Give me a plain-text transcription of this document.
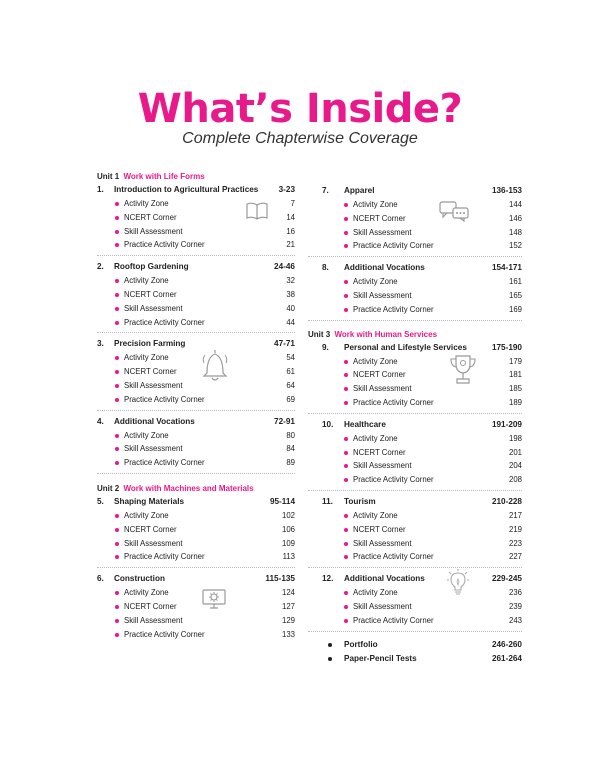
What’s Inside?
Complete Chapterwise Coverage
Unit 1 Work with Life Forms
1. Introduction to Agricultural Practices 3-23
Activity Zone	7
NCERT Corner	14
Skill Assessment	16
Practice Activity Corner	21
2. Rooftop Gardening	24-46
Activity Zone	32
NCERT Corner	38
Skill Assessment	40
Practice Activity Corner	44
3. Precision Farming	47-71
Activity Zone	54
NCERT Corner	61
Skill Assessment	64
Practice Activity Corner	69
4. Additional Vocations	72-91
Activity Zone	80
Skill Assessment	84
Practice Activity Corner	89
Unit 2 Work with Machines and Materials
5. Shaping Materials	95-114
Activity Zone	102
NCERT Corner	106
Skill Assessment	109
Practice Activity Corner	113
6. Construction	115-135
Activity Zone	124
NCERT Corner	127
Skill Assessment	129
Practice Activity Corner	133
7. Apparel	136-153
Activity Zone	144
NCERT Corner	146
Skill Assessment	148
Practice Activity Corner	152
8. Additional Vocations	154-171
Activity Zone	161
Skill Assessment	165
Practice Activity Corner	169
Unit 3 Work with Human Services
9. Personal and Lifestyle Services	175-190
Activity Zone	179
NCERT Corner	181
Skill Assessment	185
Practice Activity Corner	189
10. Healthcare	191-209
Activity Zone	198
NCERT Corner	201
Skill Assessment	204
Practice Activity Corner	208
11. Tourism	210-228
Activity Zone	217
NCERT Corner	219
Skill Assessment	223
Practice Activity Corner	227
12. Additional Vocations	229-245
Activity Zone	236
Skill Assessment	239
Practice Activity Corner	243
Portfolio	246-260
Paper-Pencil Tests	261-264
